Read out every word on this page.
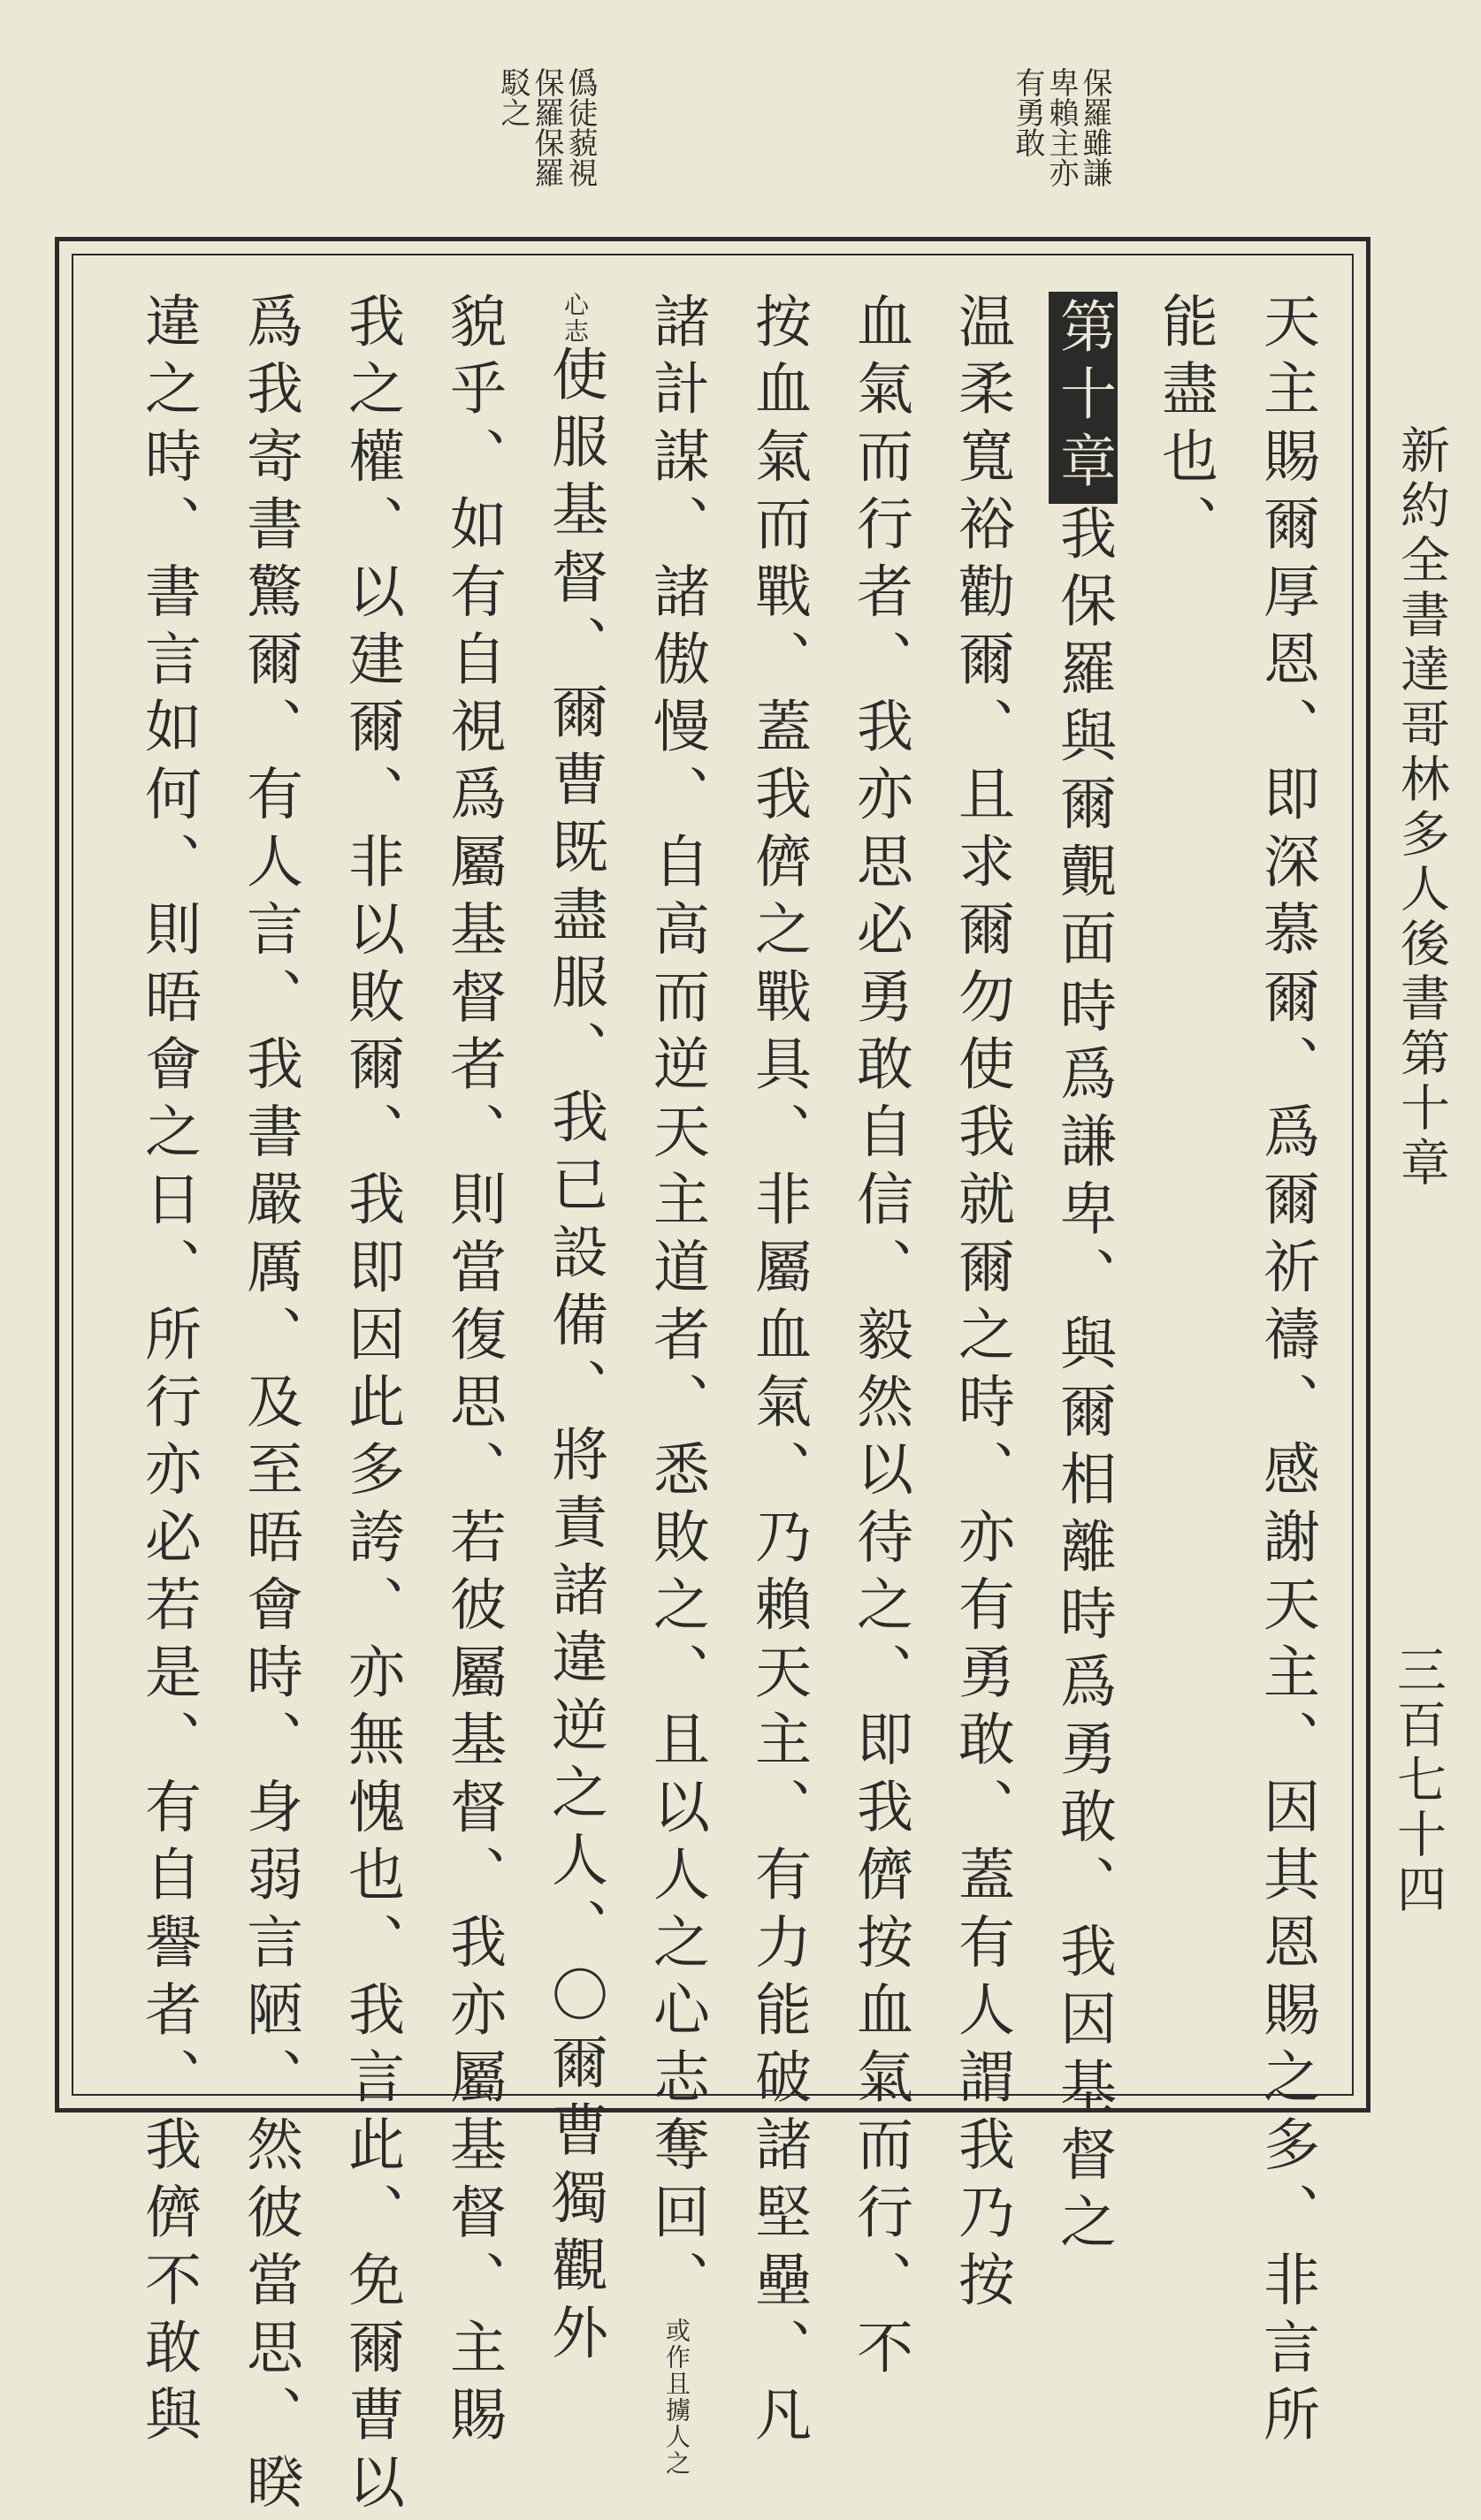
新約全書達哥林多人後書第十章
三百七十四
保羅雖謙
卑賴主亦
有勇敢
僞徒藐視
保羅保羅
駁之
天主賜爾厚恩、即深慕爾、爲爾祈禱、感謝天主、因其恩賜之多、非言所
能盡也、
第十章我保羅與爾覿面時爲謙卑、與爾相離時爲勇敢、我因基督之
温柔寬裕勸爾、且求爾勿使我就爾之時、亦有勇敢、蓋有人謂我乃按
血氣而行者、我亦思必勇敢自信、毅然以待之、即我儕按血氣而行、不
按血氣而戰、蓋我儕之戰具、非屬血氣、乃賴天主、有力能破諸堅壘、凡
諸計謀、諸傲慢、自高而逆天主道者、悉敗之、且以人之心志奪回、或作且擄人之
心志使服基督、爾曹既盡服、我已設備、將責諸違逆之人、〇爾曹獨觀外
貌乎、如有自視爲屬基督者、則當復思、若彼屬基督、我亦屬基督、主賜
我之權、以建爾、非以敗爾、我即因此多誇、亦無愧也、我言此、免爾曹以
爲我寄書驚爾、有人言、我書嚴厲、及至晤會時、身弱言陋、然彼當思、睽
違之時、書言如何、則晤會之日、所行亦必若是、有自譽者、我儕不敢與
